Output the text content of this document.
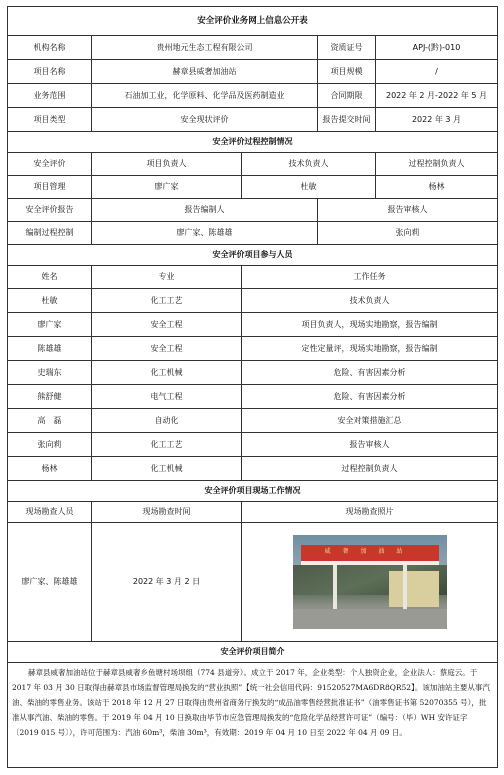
安全评价业务网上信息公开表				
机构名称	贵州地元生态工程有限公司		资质证号	APJ-(黔)-010
项目名称	赫章县威奢加油站		项目规模	/
业务范围	石油加工业，化学原料、化学品及医药制造业		合同期限	2022 年 2 月-2022 年 5 月
项目类型	安全现状评价		报告提交时间	2022 年 3 月
安全评价过程控制情况				
安全评价	项目负责人	技术负责人		过程控制负责人
项目管理	廖广家	杜敏		杨林
安全评价报告	报告编制人		报告审核人	
编制过程控制	廖广家、陈雄雄		张向莉	
安全评价项目参与人员				
姓名	专业	工作任务		
杜敏	化工工艺	技术负责人		
廖广家	安全工程	项目负责人，现场实地勘察，报告编制		
陈雄雄	安全工程	定性定量评，现场实地勘察，报告编制		
史瑞东	化工机械	危险、有害因素分析		
熊舒健	电气工程	危险、有害因素分析		
高　磊	自动化	安全对策措施汇总		
张向莉	化工工艺	报告审核人		
杨林	化工机械	过程控制负责人		
安全评价项目现场工作情况				
现场勘查人员	现场勘查时间	现场勘查照片		
廖广家、陈雄雄	2022 年 3 月 2 日	威奢加油站		

安全评价项目简介				
赫章县威奢加油站位于赫章县威奢乡鱼塘村场坝组（774 县道旁）。成立于 2017 年，企业类型：个人独资企业，企业法人：蔡庭云。于 2017 年 03 月 30 日取得由赫章县市场监督管理局换发的“营业执照”【统一社会信用代码：91520527MA6DR8QR52】。该加油站主要从事汽油、柴油的零售业务。该站于 2018 年 12 月 27 日取得由贵州省商务厅换发的“成品油零售经营批准证书”（油零售证书第 52070355 号），批准从事汽油、柴油的零售。于 2019 年 04 月 10 日换取由毕节市应急管理局换发的“危险化学品经营许可证”（编号：（毕）WH 安许证字〔2019 015 号〕），许可范围为：汽油 60m³，柴油 30m³，有效期：2019 年 04 月 10 日至 2022 年 04 月 09 日。				
